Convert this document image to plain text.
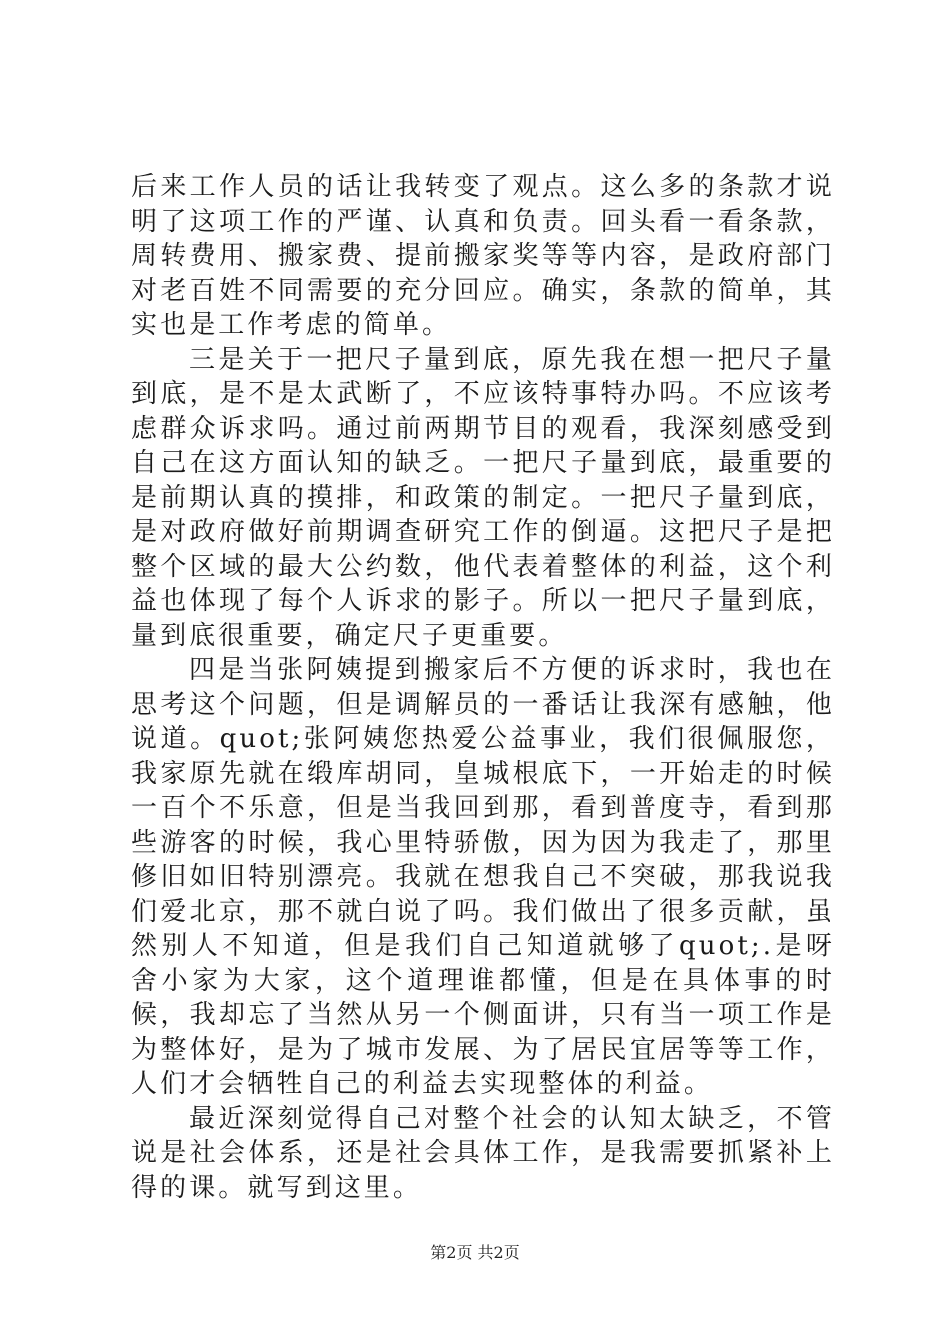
后来工作人员的话让我转变了观点。这么多的条款才说明了这项工作的严谨、认真和负责。回头看一看条款，周转费用、搬家费、提前搬家奖等等内容，是政府部门对老百姓不同需要的充分回应。确实，条款的简单，其实也是工作考虑的简单。

三是关于一把尺子量到底，原先我在想一把尺子量到底，是不是太武断了，不应该特事特办吗。不应该考虑群众诉求吗。通过前两期节目的观看，我深刻感受到自己在这方面认知的缺乏。一把尺子量到底，最重要的是前期认真的摸排，和政策的制定。一把尺子量到底，是对政府做好前期调查研究工作的倒逼。这把尺子是把整个区域的最大公约数，他代表着整体的利益，这个利益也体现了每个人诉求的影子。所以一把尺子量到底，量到底很重要，确定尺子更重要。

四是当张阿姨提到搬家后不方便的诉求时，我也在思考这个问题，但是调解员的一番话让我深有感触，他说道。quot;张阿姨您热爱公益事业，我们很佩服您，我家原先就在缎库胡同，皇城根底下，一开始走的时候一百个不乐意，但是当我回到那，看到普度寺，看到那些游客的时候，我心里特骄傲，因为因为我走了，那里修旧如旧特别漂亮。我就在想我自己不突破，那我说我们爱北京，那不就白说了吗。我们做出了很多贡献，虽然别人不知道，但是我们自己知道就够了quot;.是呀舍小家为大家，这个道理谁都懂，但是在具体事的时候，我却忘了当然从另一个侧面讲，只有当一项工作是为整体好，是为了城市发展、为了居民宜居等等工作，人们才会牺牲自己的利益去实现整体的利益。

最近深刻觉得自己对整个社会的认知太缺乏，不管说是社会体系，还是社会具体工作，是我需要抓紧补上得的课。就写到这里。

第2页 共2页
